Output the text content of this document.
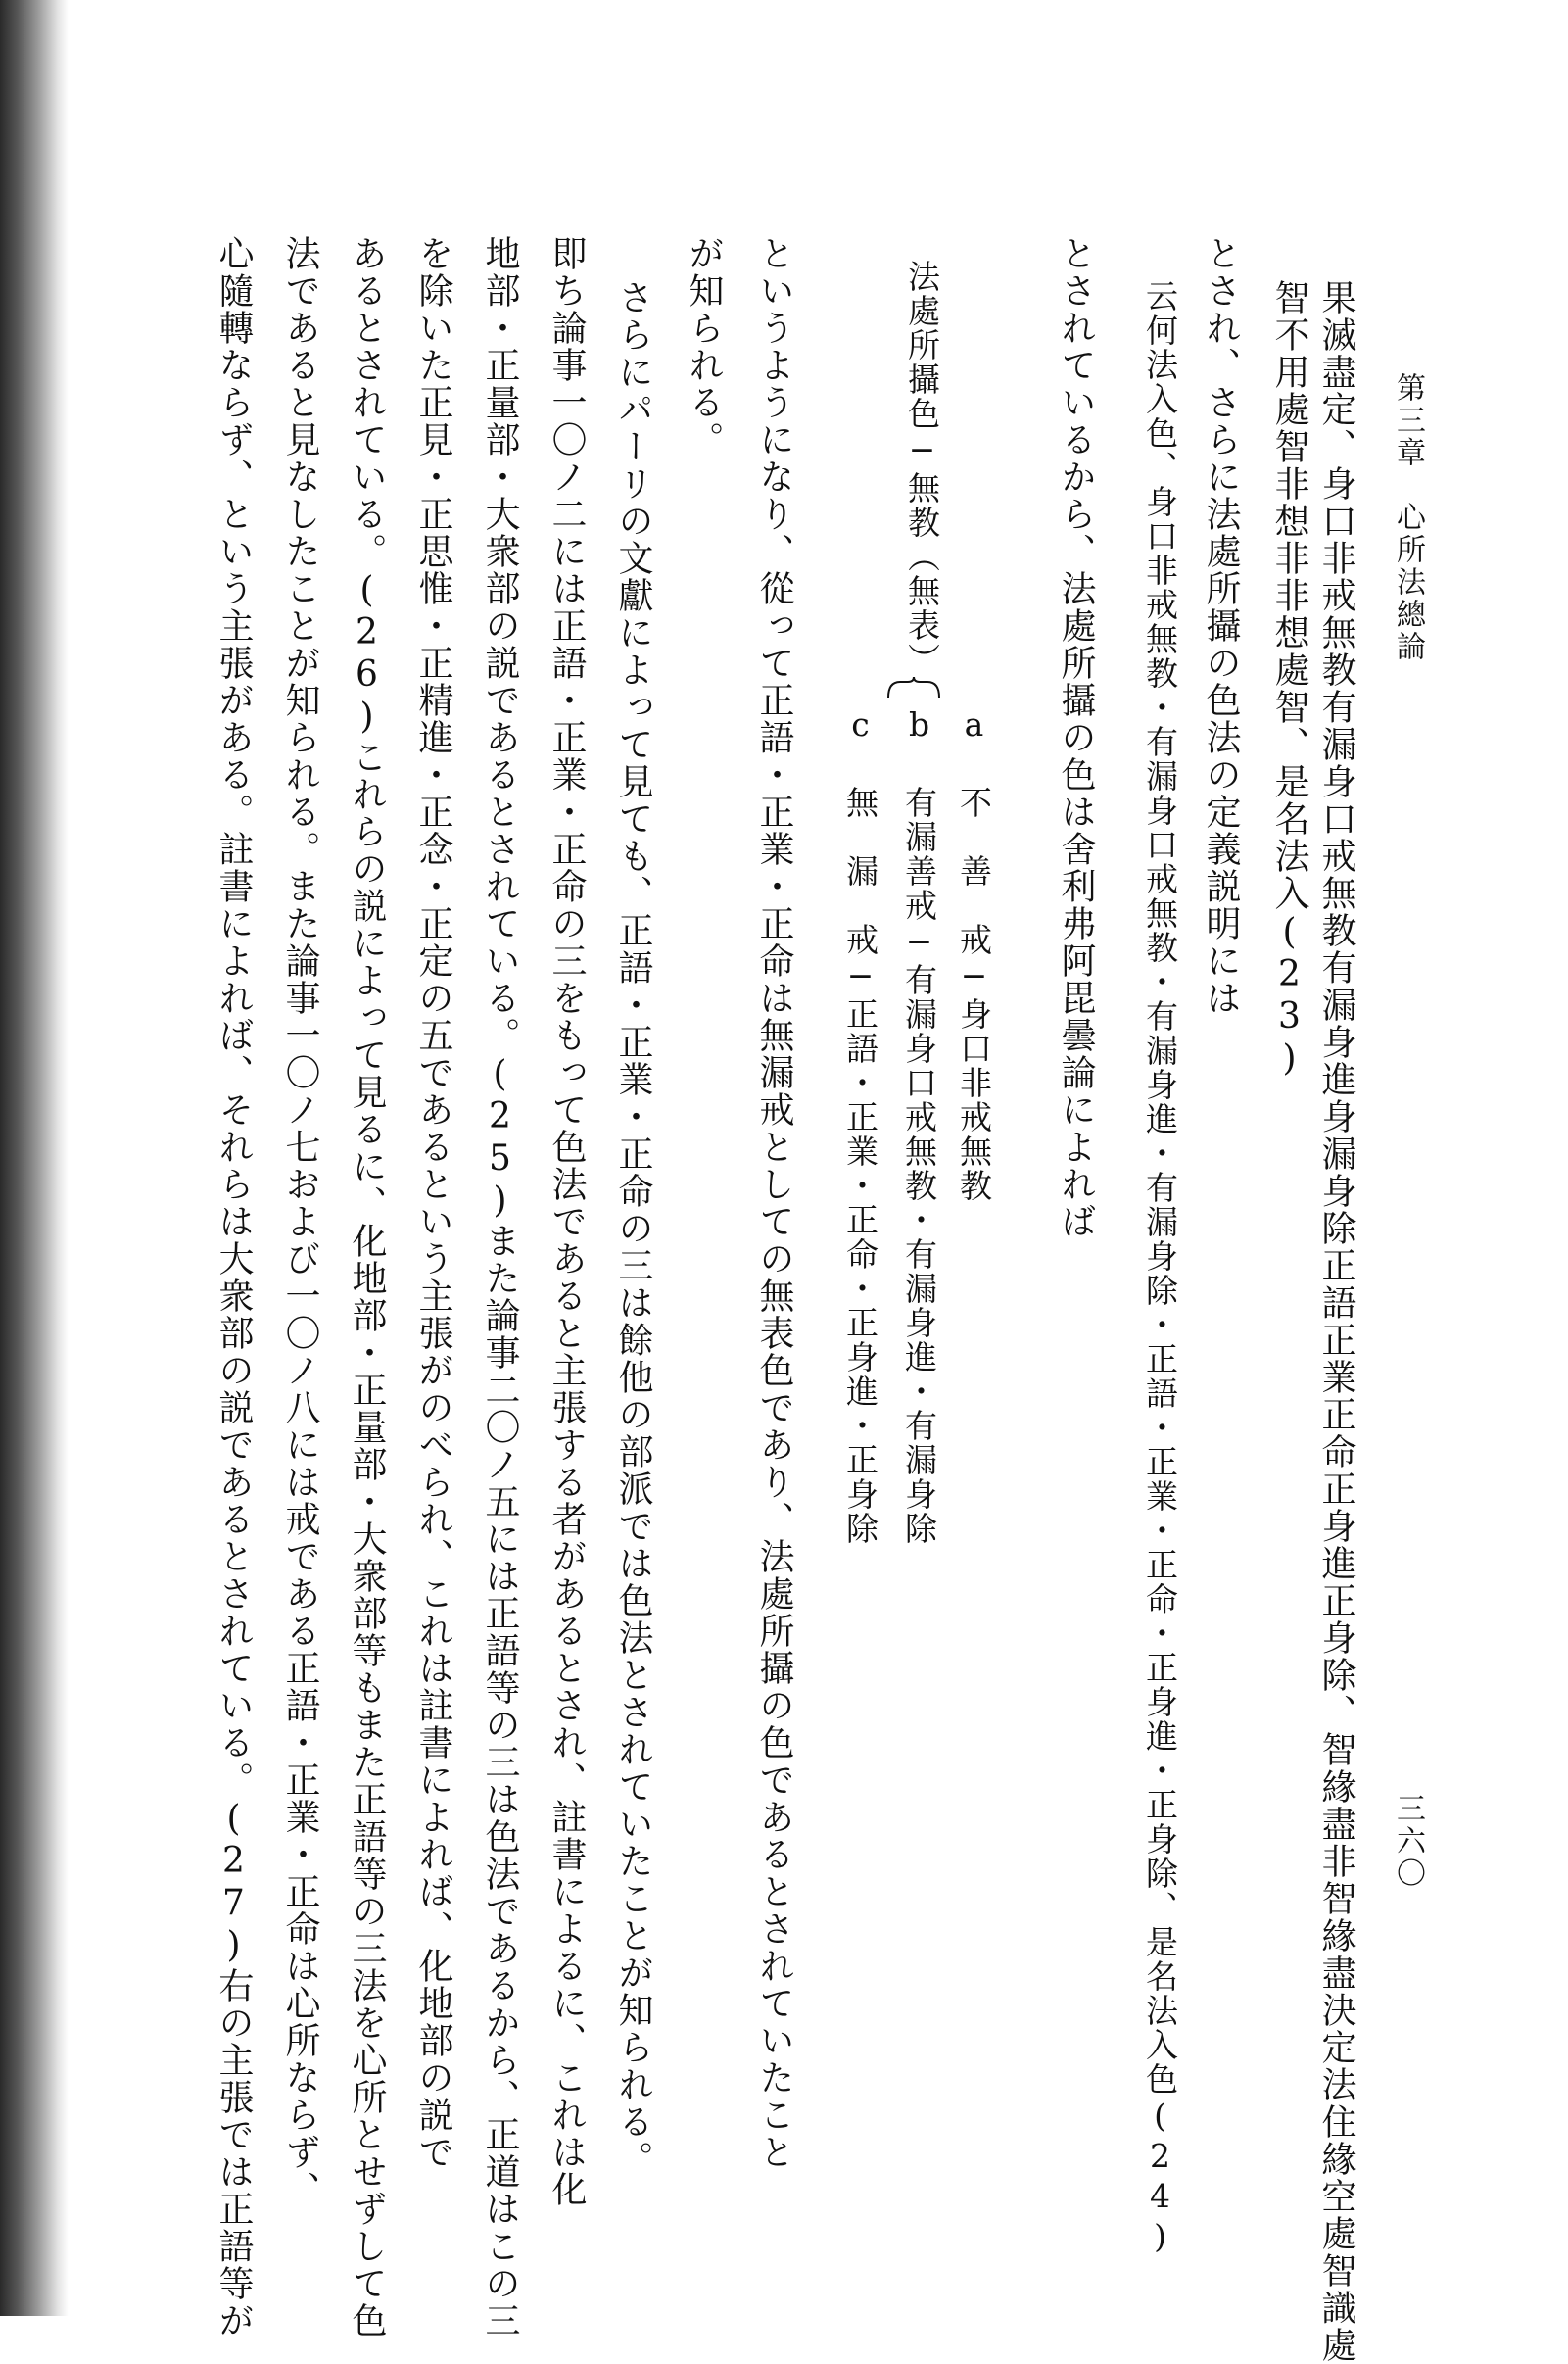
第三章　心所法總論
三六〇
果滅盡定、身口非戒無教有漏身口戒無教有漏身進身漏身除正語正業正命正身進正身除、智緣盡非智緣盡決定法住緣空處智識處
智不用處智非想非非想處智、是名法入(23)
とされ、さらに法處所攝の色法の定義説明には
云何法入色、身口非戒無教・有漏身口戒無教・有漏身進・有漏身除・正語・正業・正命・正身進・正身除、是名法入色(24)
とされているから、法處所攝の色は舍利弗阿毘曇論によれば
法處所攝色─無教（無表）
a 不　善　戒─身口非戒無教
b 有漏善戒─有漏身口戒無教・有漏身進・有漏身除
c 無　漏　戒─正語・正業・正命・正身進・正身除
というようになり、從って正語・正業・正命は無漏戒としての無表色であり、法處所攝の色であるとされていたこと
が知られる。
さらにパーリの文獻によって見ても、正語・正業・正命の三は餘他の部派では色法とされていたことが知られる。
即ち論事一〇ノ二には正語・正業・正命の三をもって色法であると主張する者があるとされ、註書によるに、これは化
地部・正量部・大衆部の説であるとされている。(25)また論事二〇ノ五には正語等の三は色法であるから、正道はこの三
を除いた正見・正思惟・正精進・正念・正定の五であるという主張がのべられ、これは註書によれば、化地部の説で
あるとされている。(26)これらの説によって見るに、化地部・正量部・大衆部等もまた正語等の三法を心所とせずして色
法であると見なしたことが知られる。また論事一〇ノ七および一〇ノ八には戒である正語・正業・正命は心所ならず、
心隨轉ならず、という主張がある。註書によれば、それらは大衆部の説であるとされている。(27)右の主張では正語等が
